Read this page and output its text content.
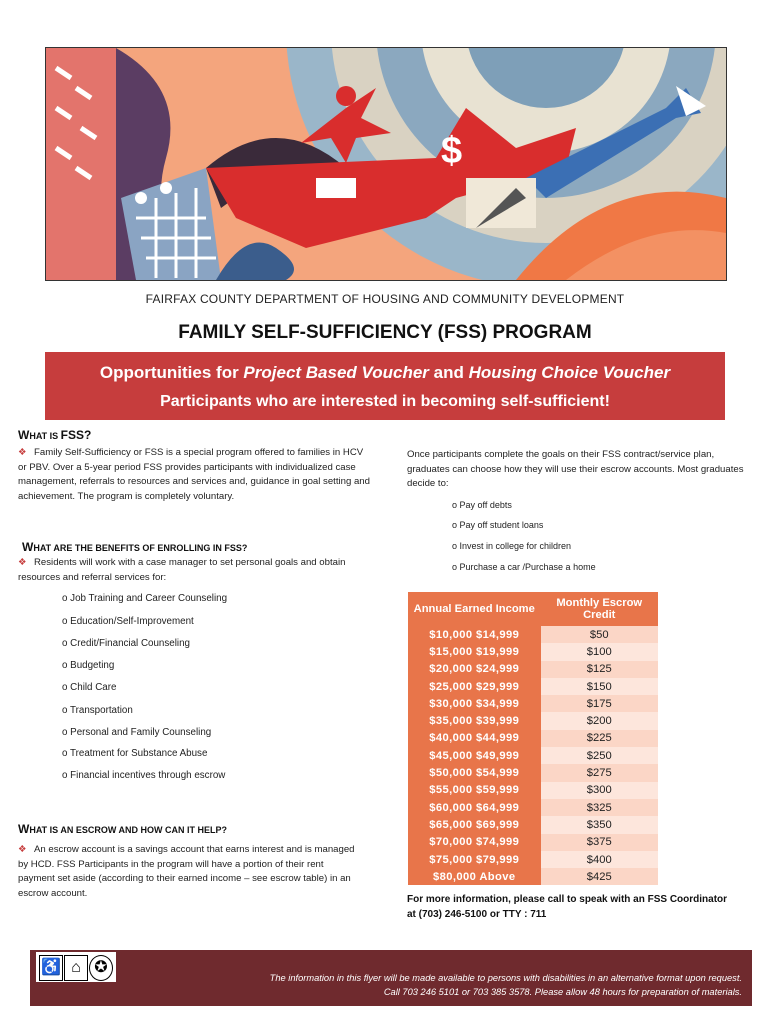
$
FAIRFAX COUNTY DEPARTMENT OF HOUSING AND COMMUNITY DEVELOPMENT
FAMILY SELF-SUFFICIENCY (FSS) PROGRAM
Opportunities for Project Based Voucher and Housing Choice Voucher
Participants who are interested in becoming self-sufficient!
WHAT IS FSS?
❖ Family Self-Sufficiency or FSS is a special program offered to families in HCV or PBV. Over a 5-year period FSS provides participants with individualized case management, referrals to resources and services and, guidance in goal setting and achievement. The program is completely voluntary.
WHAT ARE THE BENEFITS OF ENROLLING IN FSS?
❖ Residents will work with a case manager to set personal goals and obtain resources and referral services for:
o Job Training and Career Counseling
o Education/Self-Improvement
o Credit/Financial Counseling
o Budgeting
o Child Care
o Transportation
o Personal and Family Counseling
o Treatment for Substance Abuse
o Financial incentives through escrow
WHAT IS AN ESCROW AND HOW CAN IT HELP?
❖ An escrow account is a savings account that earns interest and is managed by HCD. FSS Participants in the program will have a portion of their rent payment set aside (according to their earned income – see escrow table) in an escrow account.
Once participants complete the goals on their FSS contract/service plan, graduates can choose how they will use their escrow accounts. Most graduates decide to:
o Pay off debts
o Pay off student loans
o Invest in college for children
o Purchase a car /Purchase a home
Annual Earned Income	Monthly Escrow Credit
$10,000 $14,999	$50
$15,000 $19,999	$100
$20,000 $24,999	$125
$25,000 $29,999	$150
$30,000 $34,999	$175
$35,000 $39,999	$200
$40,000 $44,999	$225
$45,000 $49,999	$250
$50,000 $54,999	$275
$55,000 $59,999	$300
$60,000 $64,999	$325
$65,000 $69,999	$350
$70,000 $74,999	$375
$75,000 $79,999	$400
$80,000 Above	$425
For more information, please call to speak with an FSS Coordinator at (703) 246-5100 or TTY : 711
♿ ⌂ ✪
The information in this flyer will be made available to persons with disabilities in an alternative format upon request.
Call 703 246 5101 or 703 385 3578. Please allow 48 hours for preparation of materials.
